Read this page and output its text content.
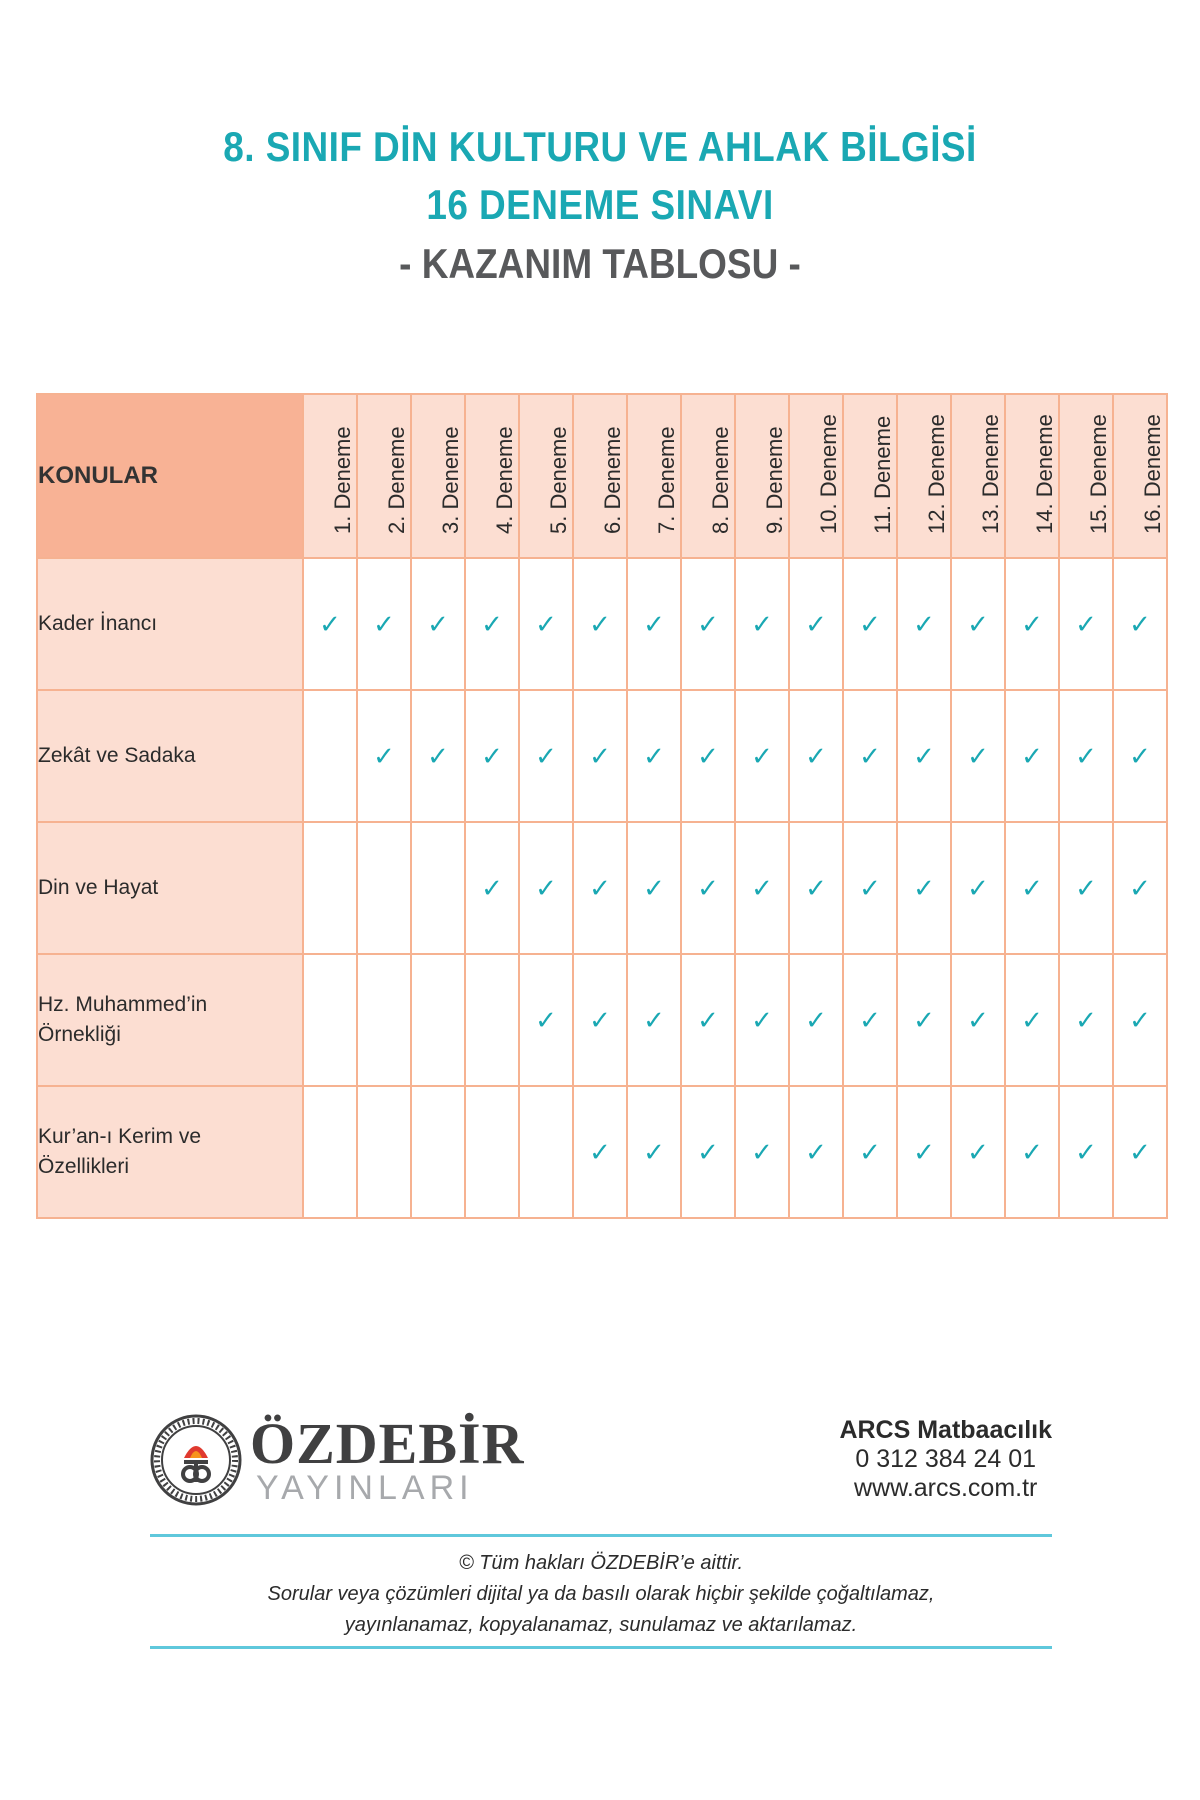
8. SINIF DİN KULTURU VE AHLAK BİLGİSİ
16 DENEME SINAVI
- KAZANIM TABLOSU -
KONULAR	1. Deneme	2. Deneme	3. Deneme	4. Deneme	5. Deneme	6. Deneme	7. Deneme	8. Deneme	9. Deneme	10. Deneme	11. Deneme	12. Deneme	13. Deneme	14. Deneme	15. Deneme	16. Deneme

Kader İnancı	✓	✓	✓	✓	✓	✓	✓	✓	✓	✓	✓	✓	✓	✓	✓	✓

Zekât ve Sadaka		✓	✓	✓	✓	✓	✓	✓	✓	✓	✓	✓	✓	✓	✓	✓

Din ve Hayat				✓	✓	✓	✓	✓	✓	✓	✓	✓	✓	✓	✓	✓

Hz. Muhammed’in
Örnekliği					✓	✓	✓	✓	✓	✓	✓	✓	✓	✓	✓	✓

Kur’an-ı Kerim ve
Özellikleri						✓	✓	✓	✓	✓	✓	✓	✓	✓	✓	✓
ÖZDEBİR
YAYINLARI
ARCS Matbaacılık
0 312 384 24 01
www.arcs.com.tr
© Tüm hakları ÖZDEBİR’e aittir.
Sorular veya çözümleri dijital ya da basılı olarak hiçbir şekilde çoğaltılamaz,
yayınlanamaz, kopyalanamaz, sunulamaz ve aktarılamaz.
